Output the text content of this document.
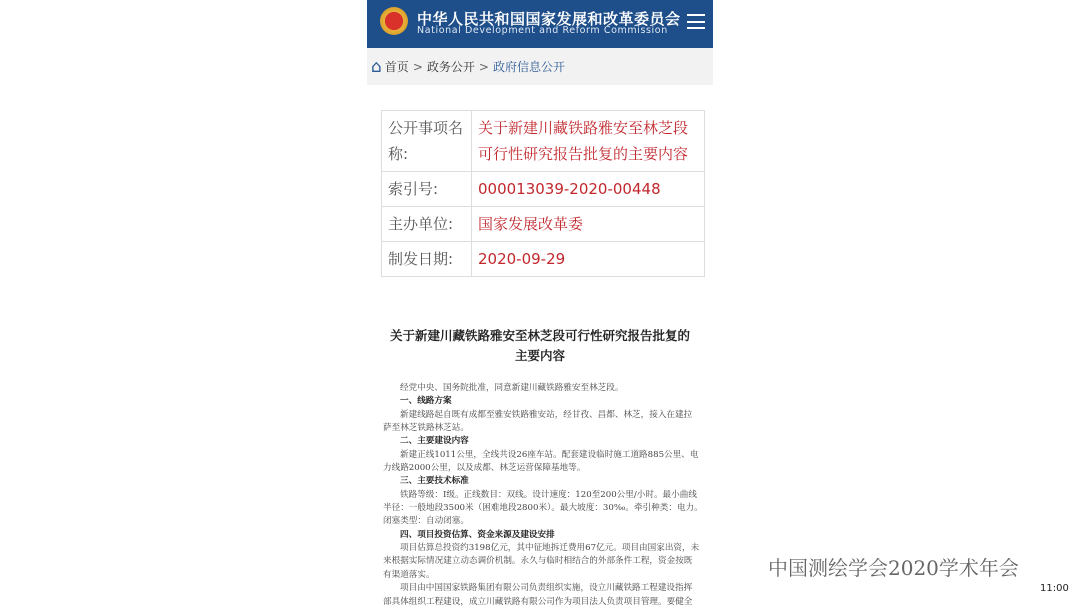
中华人民共和国国家发展和改革委员会
National Development and Reform Commission
⌂ 首页 > 政务公开 > 政府信息公开
公开事项名称:	关于新建川藏铁路雅安至林芝段可行性研究报告批复的主要内容
索引号:	000013039-2020-00448
主办单位:	国家发展改革委
制发日期:	2020-09-29
关于新建川藏铁路雅安至林芝段可行性研究报告批复的
主要内容
经党中央、国务院批准，同意新建川藏铁路雅安至林芝段。
一、线路方案
新建线路起自既有成都至雅安铁路雅安站，经甘孜、昌都、林芝，接入在建拉
萨至林芝铁路林芝站。
二、主要建设内容
新建正线1011公里，全线共设26座车站。配套建设临时施工道路885公里、电
力线路2000公里，以及成都、林芝运营保障基地等。
三、主要技术标准
铁路等级：I级。正线数目：双线。设计速度：120至200公里/小时。最小曲线
半径：一般地段3500米（困难地段2800米）。最大坡度：30‰。牵引种类：电力。
闭塞类型：自动闭塞。
四、项目投资估算、资金来源及建设安排
项目估算总投资约3198亿元，其中征地拆迁费用67亿元。项目由国家出资，未
来根据实际情况建立动态调价机制。永久与临时相结合的外部条件工程，资金按既
有渠道落实。
项目由中国国家铁路集团有限公司负责组织实施，设立川藏铁路工程建设指挥
部具体组织工程建设，成立川藏铁路有限公司作为项目法人负责项目管理。要健全
中国测绘学会2020学术年会
11:00
